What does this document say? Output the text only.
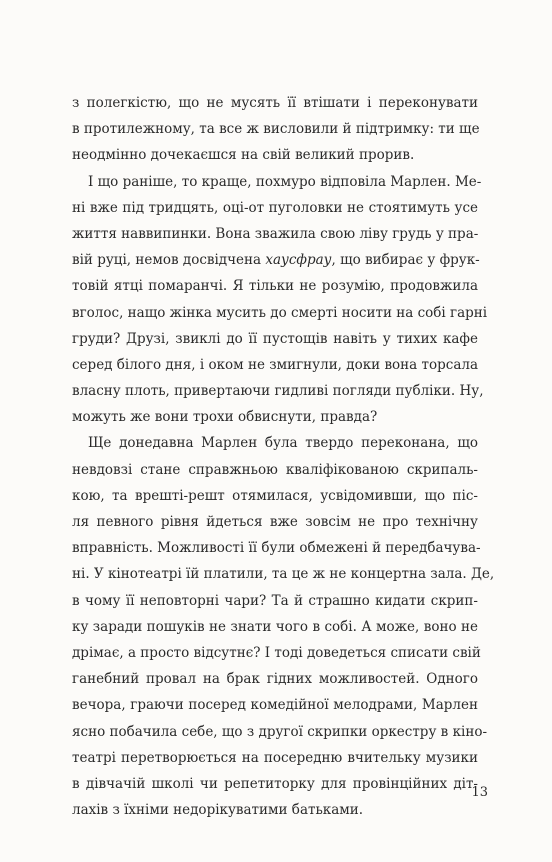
з полегкістю, що не мусять її втішати і переконувати
в протилежному, та все ж висловили й підтримку: ти ще
неодмінно дочекаєшся на свій великий прорив.
І що раніше, то краще, похмуро відповіла Марлен. Ме-
ні вже під тридцять, оці-от пуголовки не стоятимуть усе
життя наввипинки. Вона зважила свою ліву грудь у пра-
вій руці, немов досвідчена хаусфрау, що вибирає у фрук-
товій ятці помаранчі. Я тільки не розумію, продовжила
вголос, нащо жінка мусить до смерті носити на собі гарні
груди? Друзі, звиклі до її пустощів навіть у тихих кафе
серед білого дня, і оком не змигнули, доки вона торсала
власну плоть, привертаючи гидливі погляди публіки. Ну,
можуть же вони трохи обвиснути, правда?
Ще донедавна Марлен була твердо переконана, що
невдовзі стане справжньою кваліфікованою скрипаль-
кою, та врешті-решт отямилася, усвідомивши, що піс-
ля певного рівня йдеться вже зовсім не про технічну
вправність. Можливості її були обмежені й передбачува-
ні. У кінотеатрі їй платили, та це ж не концертна зала. Де,
в чому її неповторні чари? Та й страшно кидати скрип-
ку заради пошуків не знати чого в собі. А може, воно не
дрімає, а просто відсутнє? І тоді доведеться списати свій
ганебний провал на брак гідних можливостей. Одного
вечора, граючи посеред комедійної мелодрами, Марлен
ясно побачила себе, що з другої скрипки оркестру в кіно-
театрі перетворюється на посередню вчительку музики
в дівчачій школі чи репетиторку для провінційних діт-
лахів з їхніми недорікуватими батьками.
13
